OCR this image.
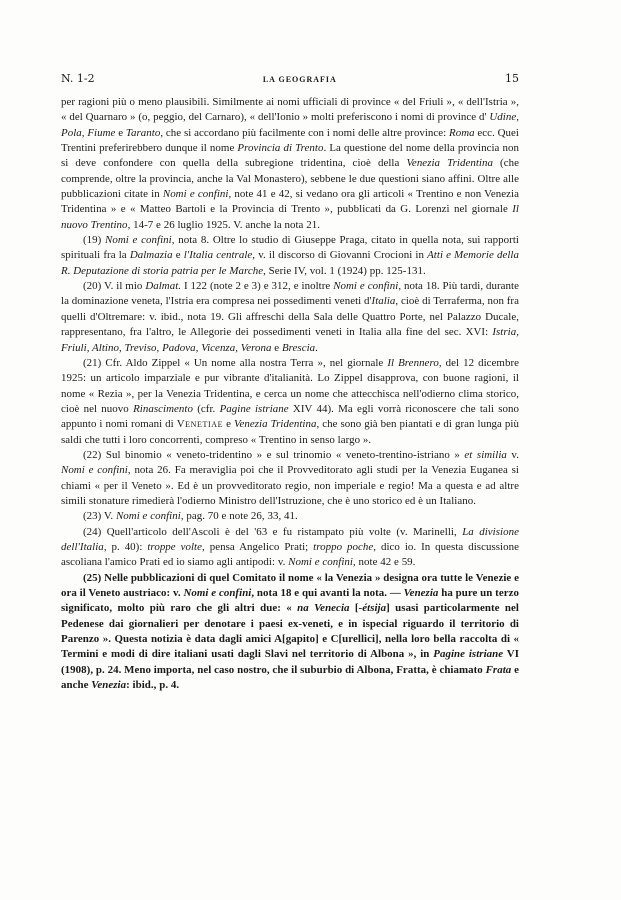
N. 1-2	LA GEOGRAFIA	15

per ragioni più o meno plausibili. Similmente ai nomi ufficiali di province « del Friuli », « dell'Istria », « del Quarnaro » (o, peggio, del Carnaro), « dell'Ionio » molti preferiscono i nomi di province d' Udine, Pola, Fiume e Taranto, che si accordano più facilmente con i nomi delle altre province: Roma ecc. Quei Trentini preferirebbero dunque il nome Provincia di Trento. La questione del nome della provincia non si deve confondere con quella della subregione tridentina, cioè della Venezia Tridentina (che comprende, oltre la provincia, anche la Val Monastero), sebbene le due questioni siano affini. Oltre alle pubblicazioni citate in Nomi e confini, note 41 e 42, si vedano ora gli articoli « Trentino e non Venezia Tridentina » e « Matteo Bartoli e la Provincia di Trento », pubblicati da G. Lorenzi nel giornale Il nuovo Trentino, 14-7 e 26 luglio 1925. V. anche la nota 21.

(19) Nomi e confini, nota 8. Oltre lo studio di Giuseppe Praga, citato in quella nota, sui rapporti spirituali fra la Dalmazia e l'Italia centrale, v. il discorso di Giovanni Crocioni in Atti e Memorie della R. Deputazione di storia patria per le Marche, Serie IV, vol. 1 (1924) pp. 125-131.

(20) V. il mio Dalmat. I 122 (note 2 e 3) e 312, e inoltre Nomi e confini, nota 18. Più tardi, durante la dominazione veneta, l'Istria era compresa nei possedimenti veneti d'Italia, cioè di Terraferma, non fra quelli d'Oltremare: v. ibid., nota 19. Gli affreschi della Sala delle Quattro Porte, nel Palazzo Ducale, rappresentano, fra l'altro, le Allegorie dei possedimenti veneti in Italia alla fine del sec. XVI: Istria, Friuli, Altino, Treviso, Padova, Vicenza, Verona e Brescia.

(21) Cfr. Aldo Zippel « Un nome alla nostra Terra », nel giornale Il Brennero, del 12 dicembre 1925: un articolo imparziale e pur vibrante d'italianità. Lo Zippel disapprova, con buone ragioni, il nome « Rezia », per la Venezia Tridentina, e cerca un nome che attecchisca nell'odierno clima storico, cioè nel nuovo Rinascimento (cfr. Pagine istriane XIV 44). Ma egli vorrà riconoscere che tali sono appunto i nomi romani di Venetiae e Venezia Tridentina, che sono già ben piantati e di gran lunga più saldi che tutti i loro concorrenti, compreso « Trentino in senso largo ».

(22) Sul binomio « veneto-tridentino » e sul trinomio « veneto-trentino-istriano » et similia v. Nomi e confini, nota 26. Fa meraviglia poi che il Provveditorato agli studi per la Venezia Euganea si chiami « per il Veneto ». Ed è un provveditorato regio, non imperiale e regio! Ma a questa e ad altre simili stonature rimedierà l'odierno Ministro dell'Istruzione, che è uno storico ed è un Italiano.

(23) V. Nomi e confini, pag. 70 e note 26, 33, 41.

(24) Quell'articolo dell'Ascoli è del '63 e fu ristampato più volte (v. Marinelli, La divisione dell'Italia, p. 40): troppe volte, pensa Angelico Prati; troppo poche, dico io. In questa discussione ascoliana l'amico Prati ed io siamo agli antipodi: v. Nomi e confini, note 42 e 59.

(25) Nelle pubblicazioni di quel Comitato il nome « la Venezia » designa ora tutte le Venezie e ora il Veneto austriaco: v. Nomi e confini, nota 18 e qui avanti la nota. — Venezia ha pure un terzo significato, molto più raro che gli altri due: « na Venecia [-étsija] usasi particolarmente nel Pedenese dai giornalieri per denotare i paesi ex-veneti, e in ispecial riguardo il territorio di Parenzo ». Questa notizia è data dagli amici A[gapito] e C[urellici], nella loro bella raccolta di « Termini e modi di dire italiani usati dagli Slavi nel territorio di Albona », in Pagine istriane VI (1908), p. 24. Meno importa, nel caso nostro, che il suburbio di Albona, Fratta, è chiamato Frata e anche Venezia: ibid., p. 4.
